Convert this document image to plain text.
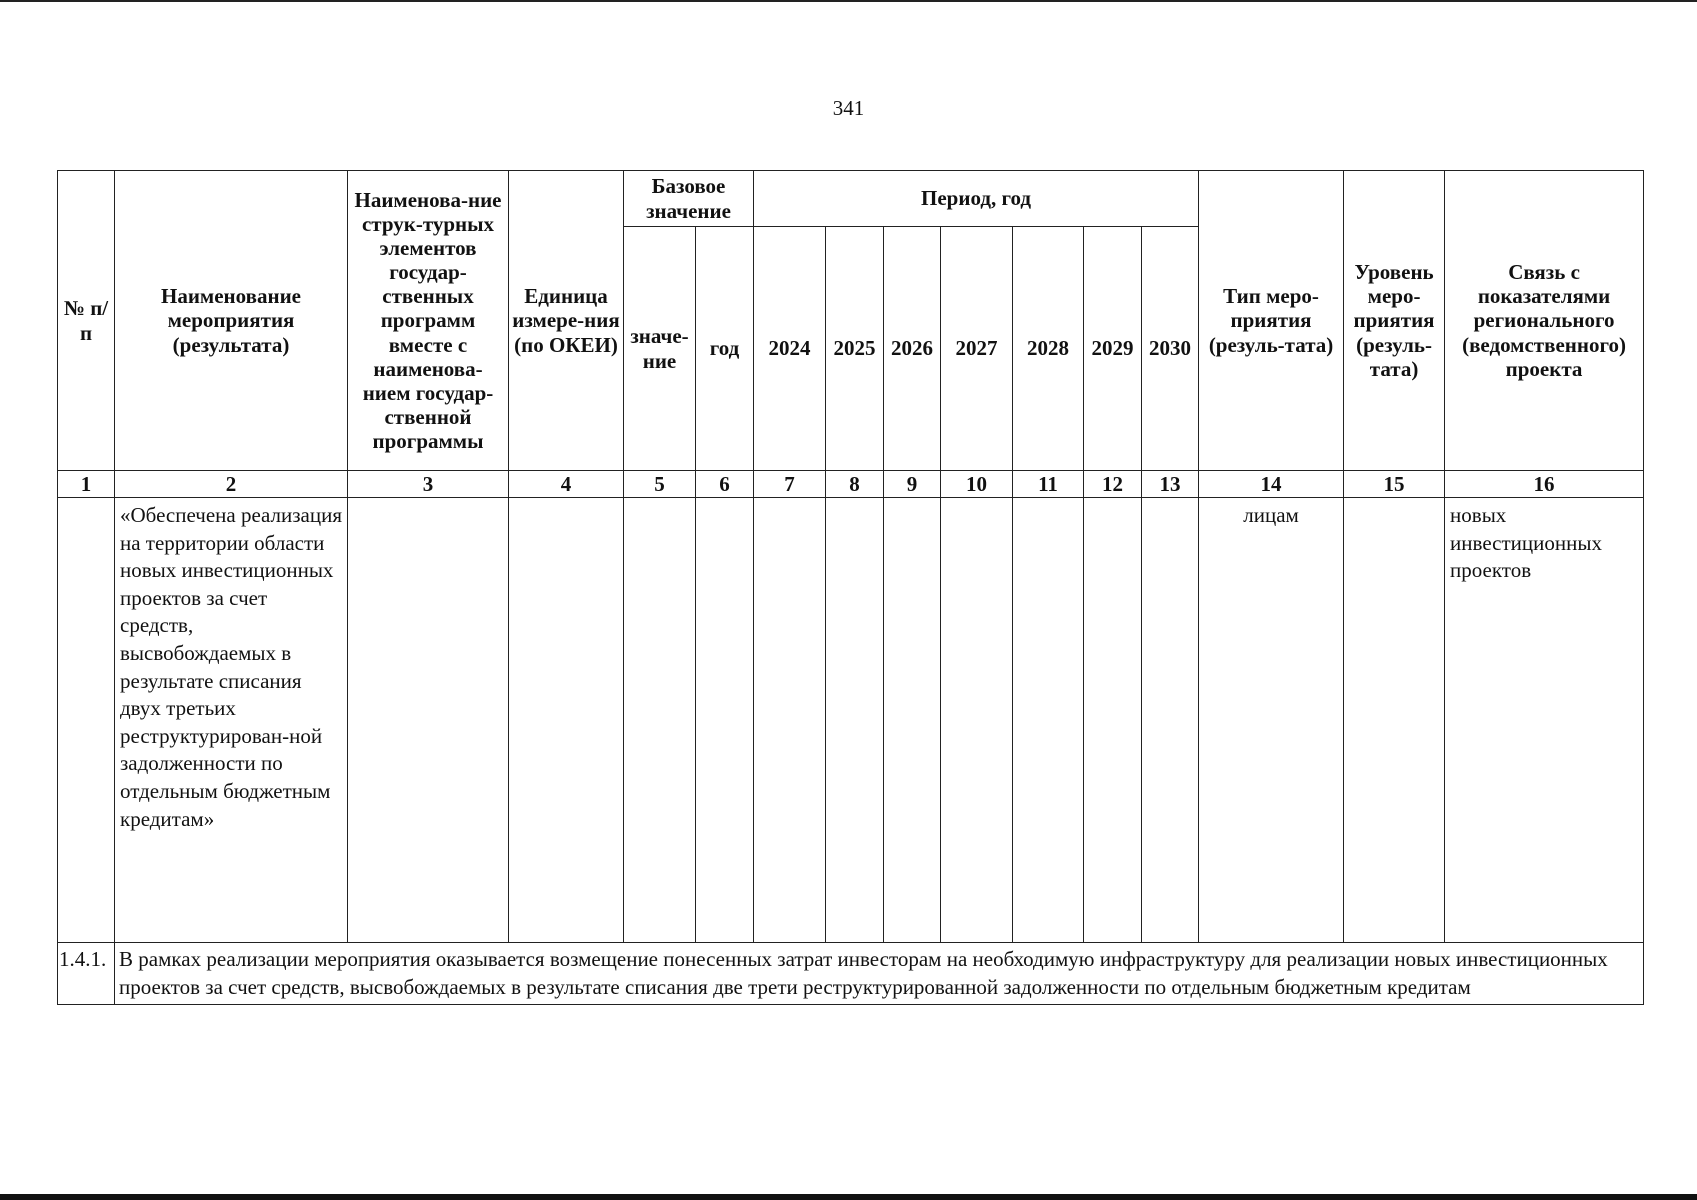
341
№ п/п	Наименование мероприятия (результата)	Наименова-ние струк-турных элементов государ-ственных программ вместе с наименова-нием государ-ственной программы	Единица измере-ния (по ОКЕИ)	Базовое значение		Период, год							Тип меро-приятия (резуль-тата)	Уровень меро-приятия (резуль-тата)	Связь с показателями регионального (ведомственного) проекта
				значе-ние	год	2024	2025	2026	2027	2028	2029	2030			
1	2	3	4	5	6	7	8	9	10	11	12	13	14	15	16
	«Обеспечена реализация на территории области новых инвестиционных проектов за счет средств, высвобождаемых в результате списания двух третьих реструктурирован-ной задолженности по отдельным бюджетным кредитам»												лицам		новых инвестиционных проектов
1.4.1.	В рамках реализации мероприятия оказывается возмещение понесенных затрат инвесторам на необходимую инфраструктуру для реализации новых инвестиционных проектов за счет средств, высвобождаемых в результате списания две трети реструктурированной задолженности по отдельным бюджетным кредитам														
